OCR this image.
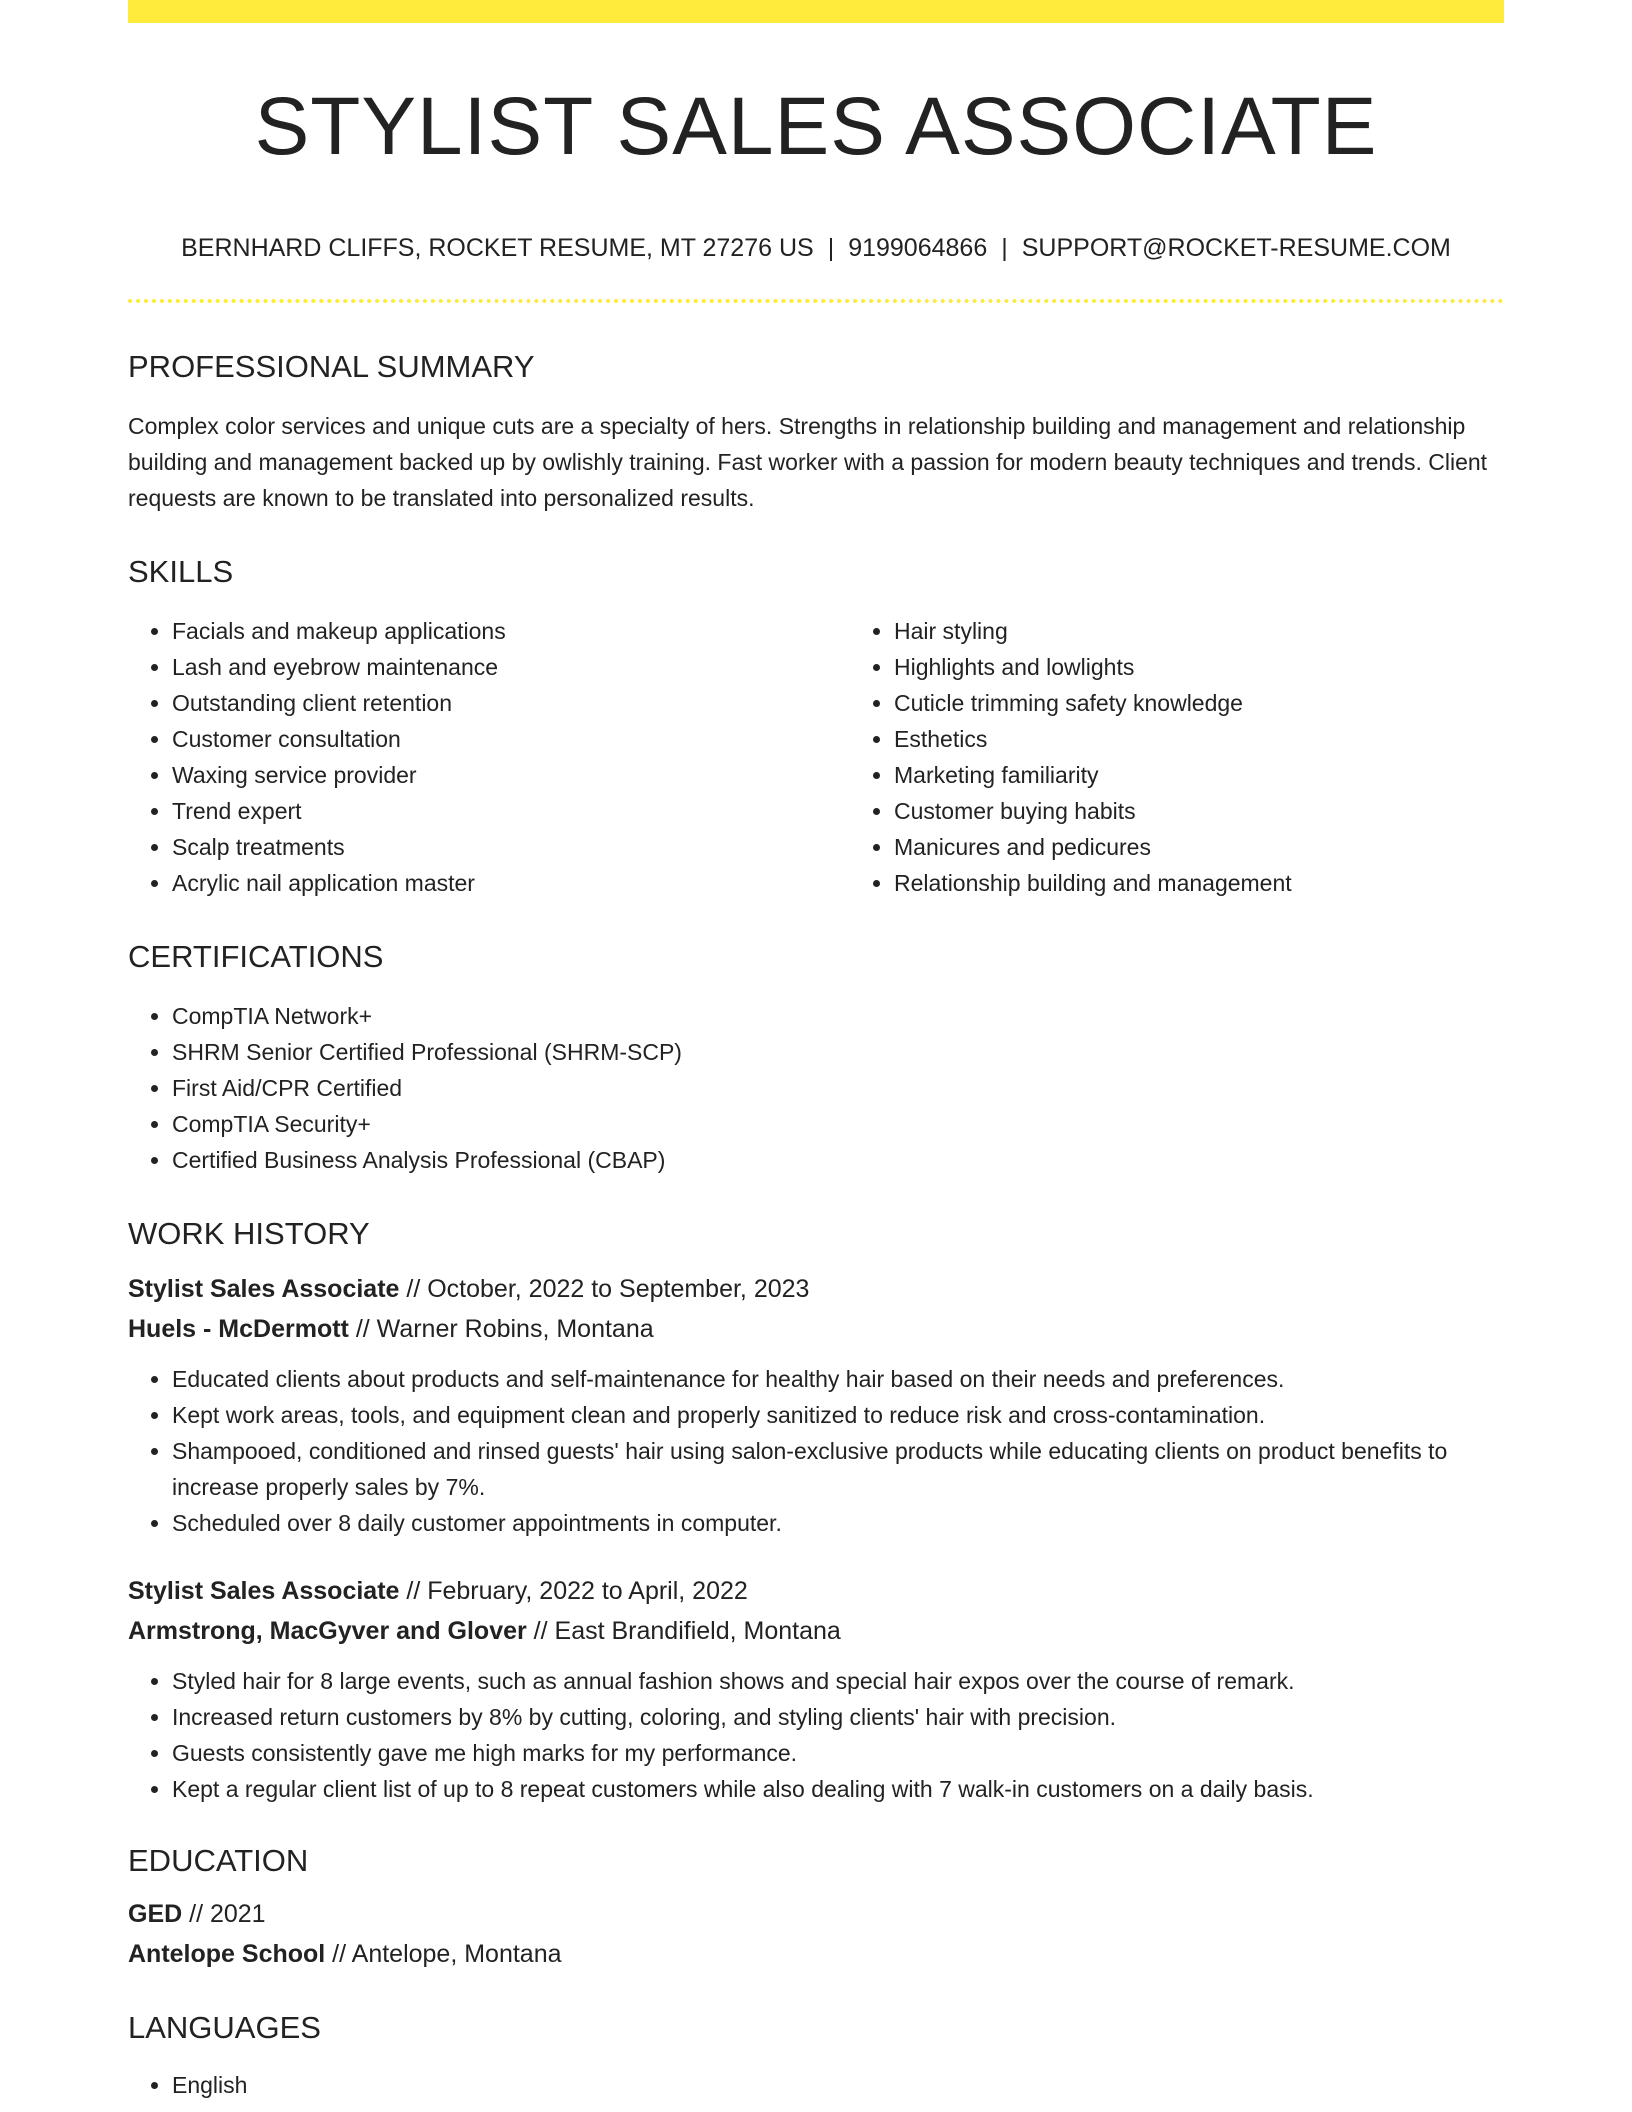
STYLIST SALES ASSOCIATE
BERNHARD CLIFFS, ROCKET RESUME, MT 27276 US | 9199064866 | SUPPORT@ROCKET-RESUME.COM
PROFESSIONAL SUMMARY

Complex color services and unique cuts are a specialty of hers. Strengths in relationship building and management and relationship building and management backed up by owlishly training. Fast worker with a passion for modern beauty techniques and trends. Client requests are known to be translated into personalized results.

SKILLS
• Facials and makeup applications
• Lash and eyebrow maintenance
• Outstanding client retention
• Customer consultation
• Waxing service provider
• Trend expert
• Scalp treatments
• Acrylic nail application master
• Hair styling
• Highlights and lowlights
• Cuticle trimming safety knowledge
• Esthetics
• Marketing familiarity
• Customer buying habits
• Manicures and pedicures
• Relationship building and management
CERTIFICATIONS
• CompTIA Network+
• SHRM Senior Certified Professional (SHRM-SCP)
• First Aid/CPR Certified
• CompTIA Security+
• Certified Business Analysis Professional (CBAP)
WORK HISTORY
Stylist Sales Associate // October, 2022 to September, 2023
Huels - McDermott // Warner Robins, Montana
• Educated clients about products and self-maintenance for healthy hair based on their needs and preferences.
• Kept work areas, tools, and equipment clean and properly sanitized to reduce risk and cross-contamination.
• Shampooed, conditioned and rinsed guests' hair using salon-exclusive products while educating clients on product benefits to increase properly sales by 7%.
• Scheduled over 8 daily customer appointments in computer.
Stylist Sales Associate // February, 2022 to April, 2022
Armstrong, MacGyver and Glover // East Brandifield, Montana
• Styled hair for 8 large events, such as annual fashion shows and special hair expos over the course of remark.
• Increased return customers by 8% by cutting, coloring, and styling clients' hair with precision.
• Guests consistently gave me high marks for my performance.
• Kept a regular client list of up to 8 repeat customers while also dealing with 7 walk-in customers on a daily basis.
EDUCATION
GED // 2021
Antelope School // Antelope, Montana
LANGUAGES
• English
